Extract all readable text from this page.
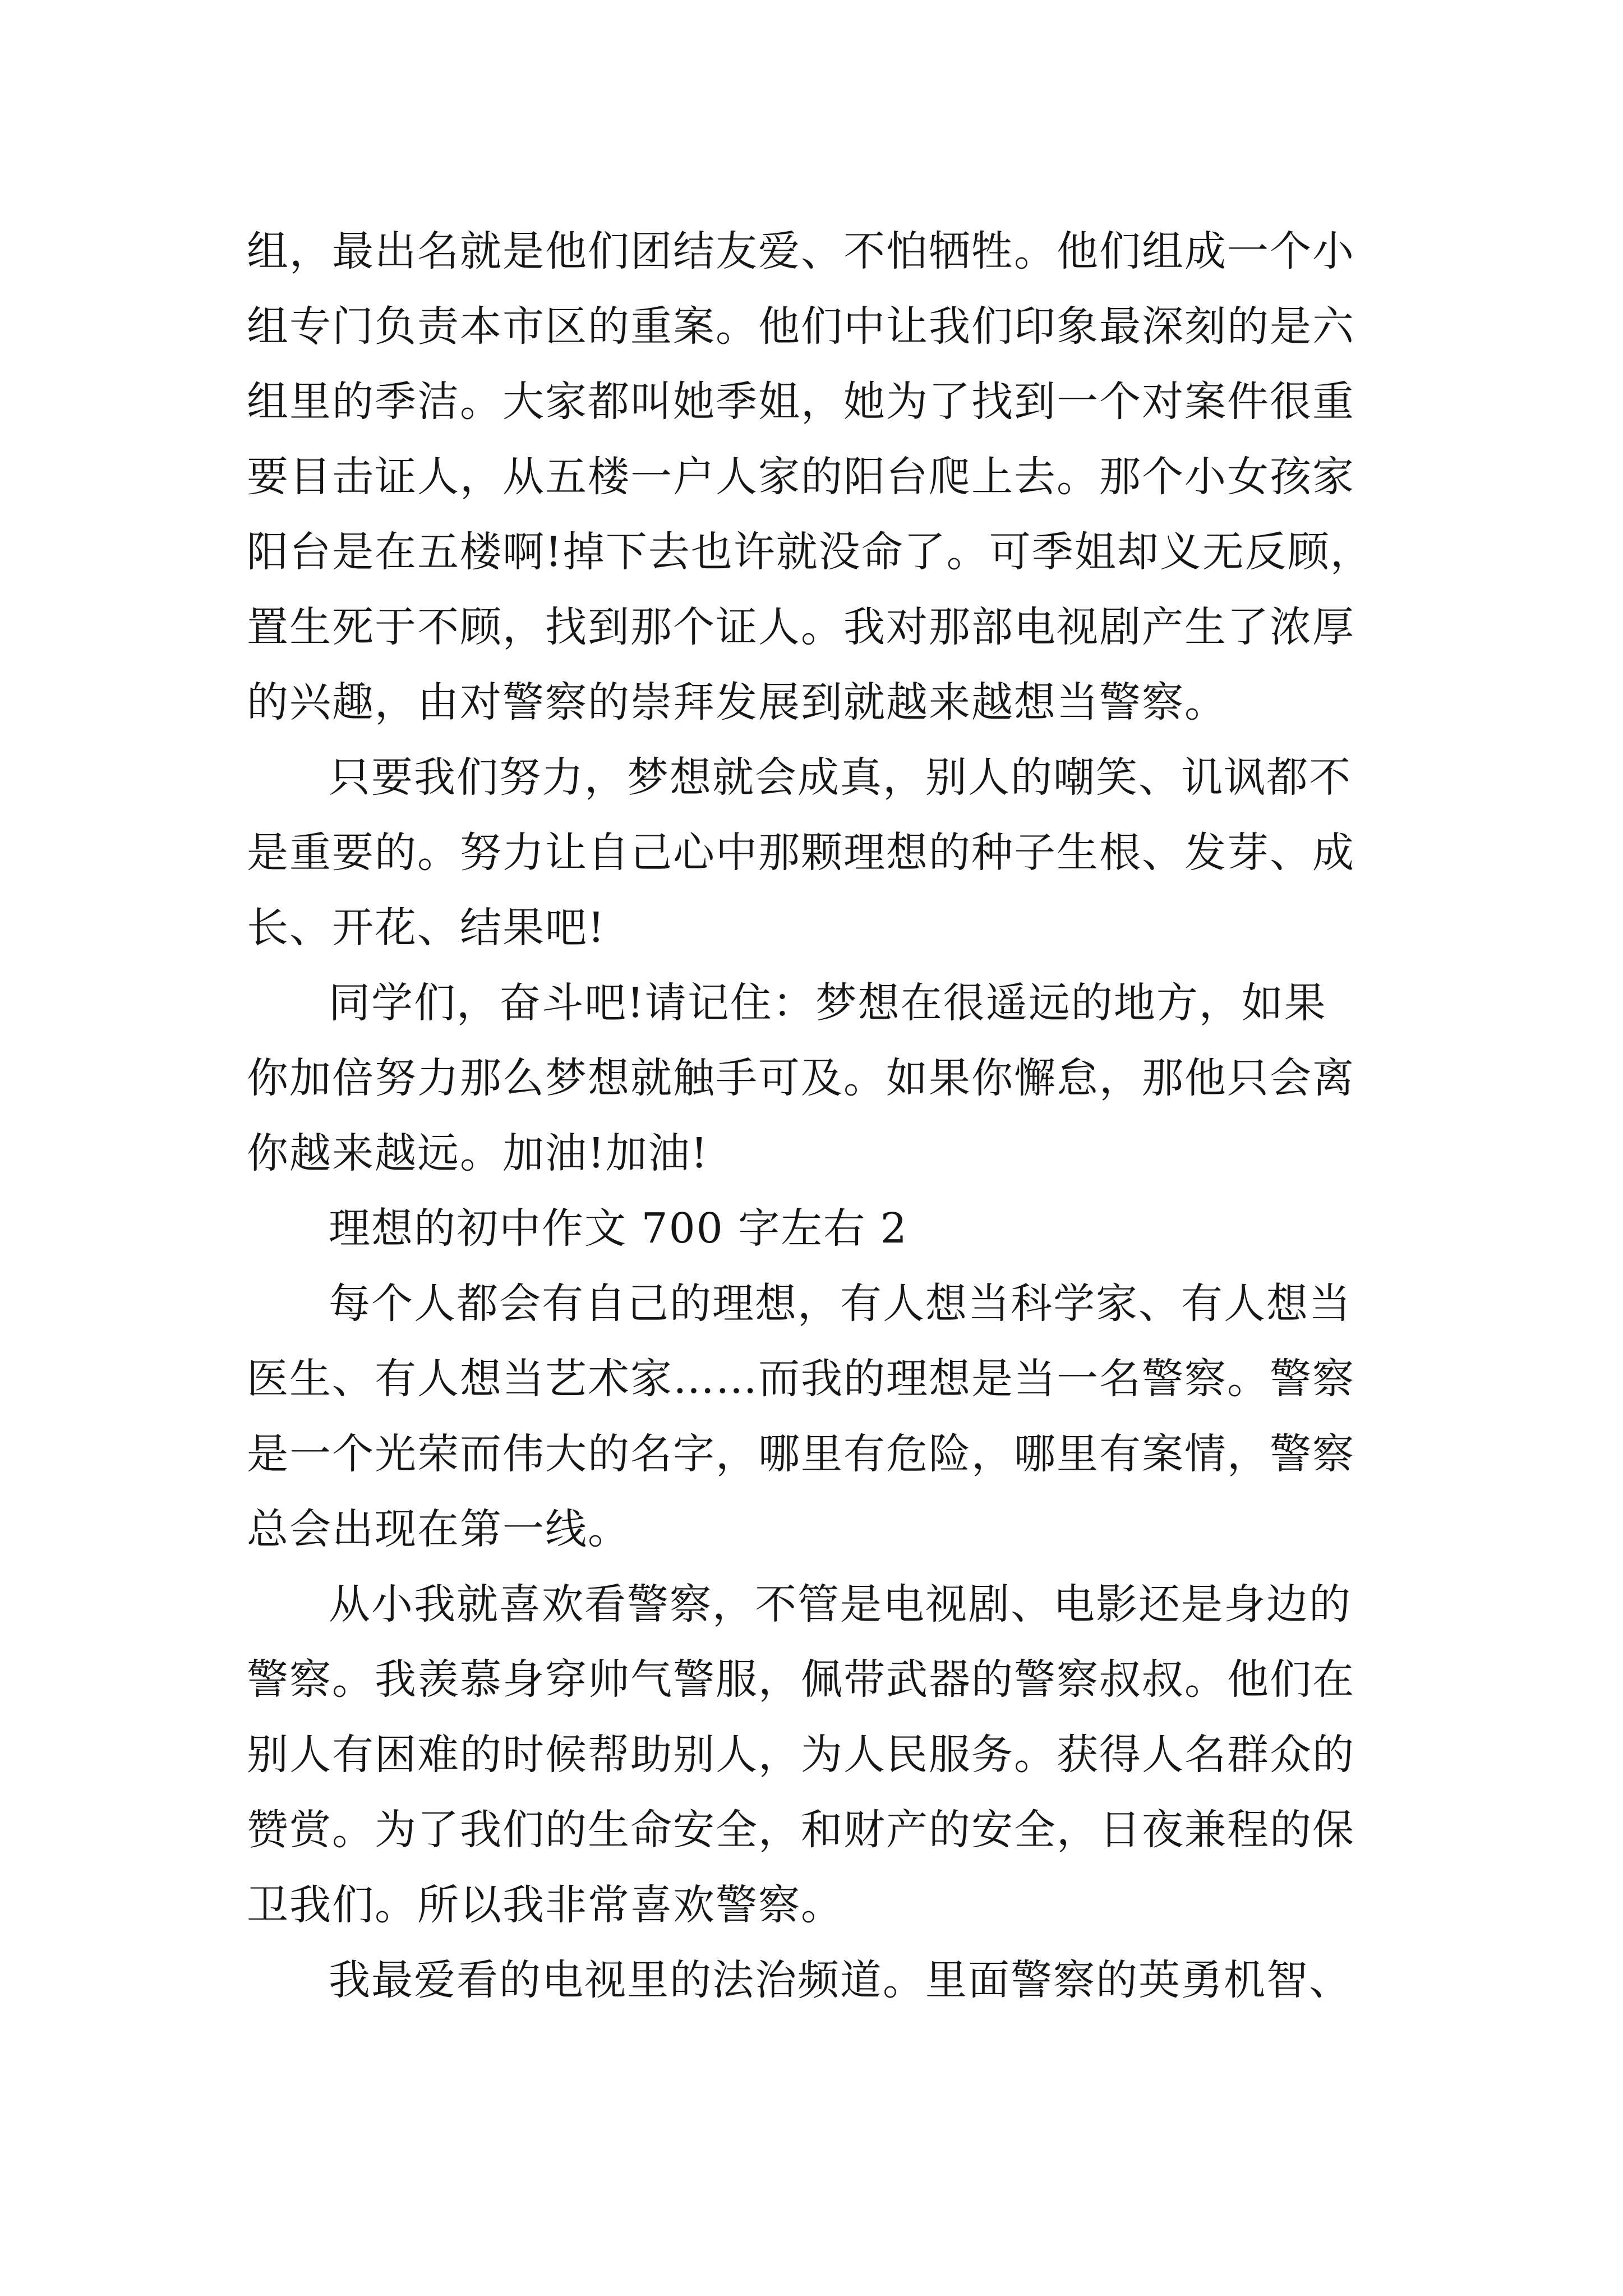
组，最出名就是他们团结友爱、不怕牺牲。他们组成一个小
组专门负责本市区的重案。他们中让我们印象最深刻的是六
组里的季洁。大家都叫她季姐，她为了找到一个对案件很重
要目击证人，从五楼一户人家的阳台爬上去。那个小女孩家
阳台是在五楼啊!掉下去也许就没命了。可季姐却义无反顾，
置生死于不顾，找到那个证人。我对那部电视剧产生了浓厚
的兴趣，由对警察的崇拜发展到就越来越想当警察。
只要我们努力，梦想就会成真，别人的嘲笑、讥讽都不
是重要的。努力让自己心中那颗理想的种子生根、发芽、成
长、开花、结果吧!
同学们，奋斗吧!请记住：梦想在很遥远的地方，如果
你加倍努力那么梦想就触手可及。如果你懈怠，那他只会离
你越来越远。加油!加油!
理想的初中作文 700 字左右 2
每个人都会有自己的理想，有人想当科学家、有人想当
医生、有人想当艺术家……而我的理想是当一名警察。警察
是一个光荣而伟大的名字，哪里有危险，哪里有案情，警察
总会出现在第一线。
从小我就喜欢看警察，不管是电视剧、电影还是身边的
警察。我羡慕身穿帅气警服，佩带武器的警察叔叔。他们在
别人有困难的时候帮助别人，为人民服务。获得人名群众的
赞赏。为了我们的生命安全，和财产的安全，日夜兼程的保
卫我们。所以我非常喜欢警察。
我最爱看的电视里的法治频道。里面警察的英勇机智、
